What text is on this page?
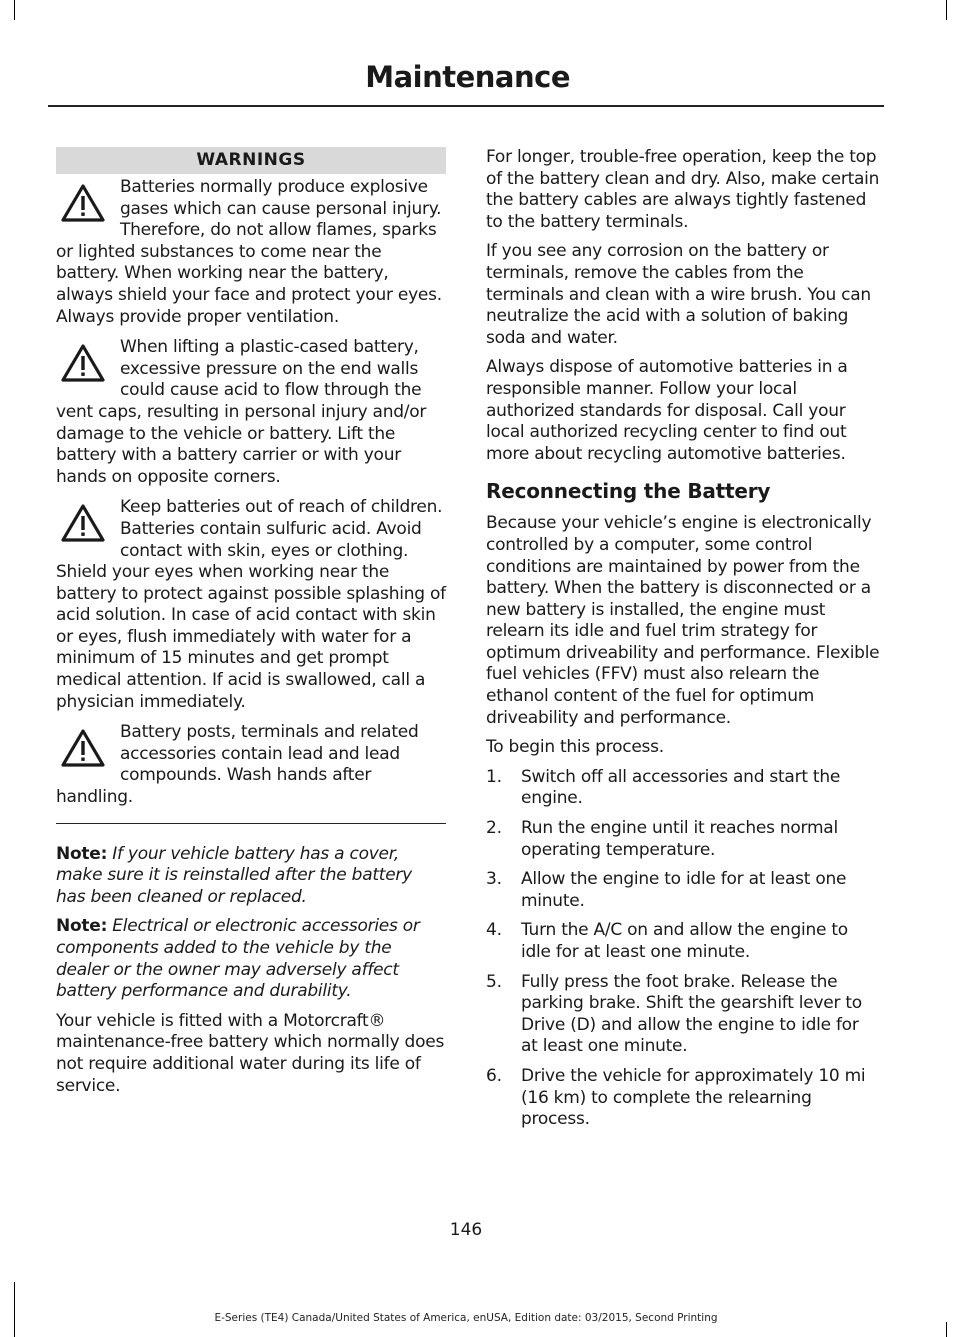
Maintenance
WARNINGS
Batteries normally produce explosive gases which can cause personal injury. Therefore, do not allow flames, sparks or lighted substances to come near the battery. When working near the battery, always shield your face and protect your eyes. Always provide proper ventilation.
When lifting a plastic-cased battery, excessive pressure on the end walls could cause acid to flow through the vent caps, resulting in personal injury and/or damage to the vehicle or battery. Lift the battery with a battery carrier or with your hands on opposite corners.
Keep batteries out of reach of children. Batteries contain sulfuric acid. Avoid contact with skin, eyes or clothing. Shield your eyes when working near the battery to protect against possible splashing of acid solution. In case of acid contact with skin or eyes, flush immediately with water for a minimum of 15 minutes and get prompt medical attention. If acid is swallowed, call a physician immediately.
Battery posts, terminals and related accessories contain lead and lead compounds. Wash hands after handling.

Note: If your vehicle battery has a cover, make sure it is reinstalled after the battery has been cleaned or replaced.

Note: Electrical or electronic accessories or components added to the vehicle by the dealer or the owner may adversely affect battery performance and durability.

Your vehicle is fitted with a Motorcraft® maintenance-free battery which normally does not require additional water during its life of service.

For longer, trouble-free operation, keep the top of the battery clean and dry. Also, make certain the battery cables are always tightly fastened to the battery terminals.

If you see any corrosion on the battery or terminals, remove the cables from the terminals and clean with a wire brush. You can neutralize the acid with a solution of baking soda and water.

Always dispose of automotive batteries in a responsible manner. Follow your local authorized standards for disposal. Call your local authorized recycling center to find out more about recycling automotive batteries.

Reconnecting the Battery

Because your vehicle’s engine is electronically controlled by a computer, some control conditions are maintained by power from the battery. When the battery is disconnected or a new battery is installed, the engine must relearn its idle and fuel trim strategy for optimum driveability and performance. Flexible fuel vehicles (FFV) must also relearn the ethanol content of the fuel for optimum driveability and performance.

To begin this process.

1. Switch off all accessories and start the engine.
2. Run the engine until it reaches normal operating temperature.
3. Allow the engine to idle for at least one minute.
4. Turn the A/C on and allow the engine to idle for at least one minute.
5. Fully press the foot brake. Release the parking brake. Shift the gearshift lever to Drive (D) and allow the engine to idle for at least one minute.
6. Drive the vehicle for approximately 10 mi (16 km) to complete the relearning process.
146
E-Series (TE4) Canada/United States of America, enUSA, Edition date: 03/2015, Second Printing
